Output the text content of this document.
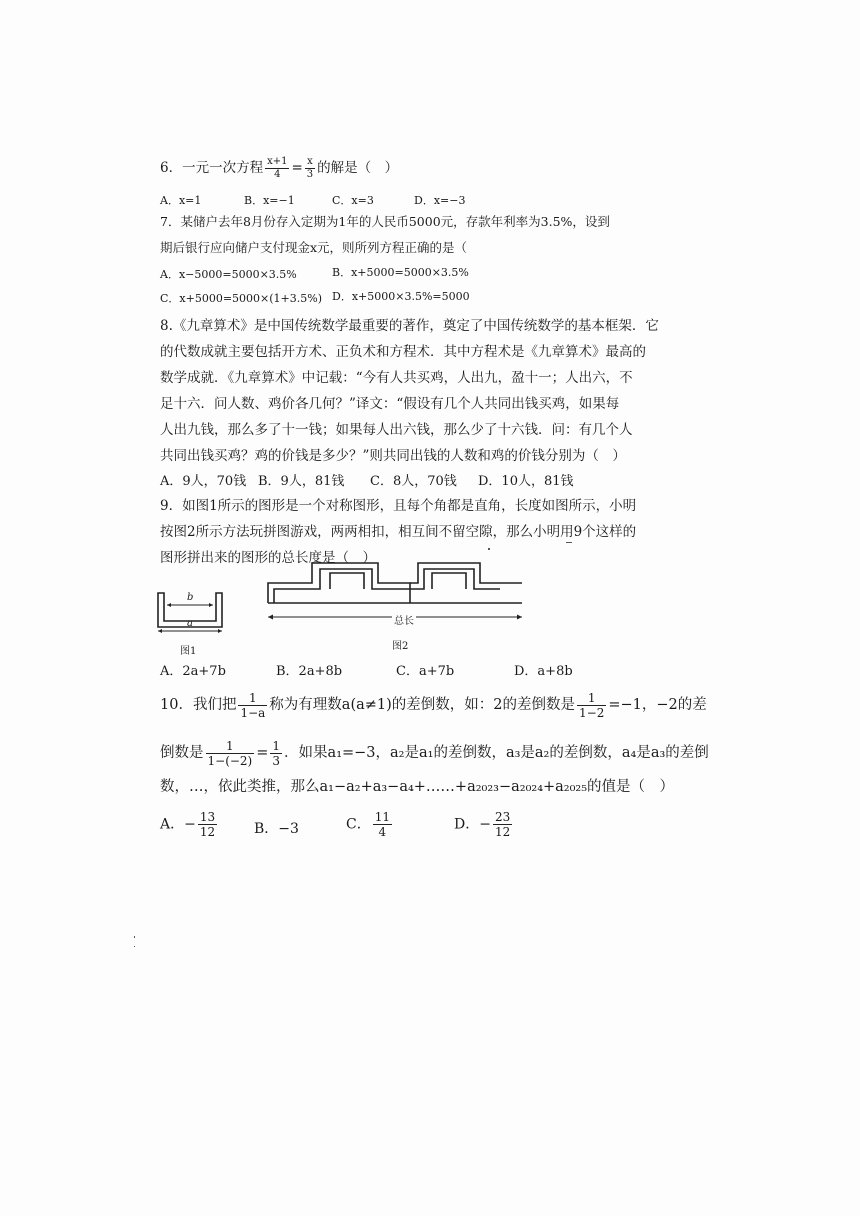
6．一元一次方程 $\frac{x+1}{4} = \frac{x}{3}$ 的解是（　）
A．x=1	B．x=−1	C．x=3	D．x=−3
7．某储户去年8月份存入定期为1年的人民币5000元，存款年利率为3.5%，设到
期后银行应向储户支付现金x元，则所列方程正确的是（
A．x−5000=5000×3.5%	B．x+5000=5000×3.5%
C．x+5000=5000×(1+3.5%) D．x+5000×3.5%=5000
8.《九章算术》是中国传统数学最重要的著作，奠定了中国传统数学的基本框架．它
的代数成就主要包括开方术、正负术和方程术．其中方程术是《九章算术》最高的
数学成就．《九章算术》中记载：“今有人共买鸡，人出九，盈十一；人出六，不
足十六．问人数、鸡价各几何？”译文：“假设有几个人共同出钱买鸡，如果每
人出九钱，那么多了十一钱；如果每人出六钱，那么少了十六钱．问：有几个人
共同出钱买鸡？鸡的价钱是多少？”则共同出钱的人数和鸡的价钱分别为（　）
A．9人，70钱 B．9人，81钱 C．8人，70钱 D．10人，81钱
9．如图1所示的图形是一个对称图形，且每个角都是直角，长度如图所示，小明
按图2所示方法玩拼图游戏，两两相扣，相互间不留空隙，那么小明用9个这样的
图形拼出来的图形的总长度是（　）
b
a
图1
总长
图2
A．2a+7b	B．2a+8b	C．a+7b	D．a+8b
10．我们把 $\frac{1}{1-a}$ 称为有理数a(a≠1)的差倒数，如：2的差倒数是 $\frac{1}{1-2} =-1$，−2的差
倒数是 $\frac{1}{1-(-2)} = \frac{1}{3}$ ．如果a₁=−3，a₂是a₁的差倒数，a₃是a₂的差倒数，a₄是a₃的差倒
数，…，依此类推，那么a₁−a₂+a₃−a₄+……+a₂₀₂₃−a₂₀₂₄+a₂₀₂₅的值是（　）
A．− $\frac{13}{12}$	B．−3	C． $\frac{11}{4}$	D．− $\frac{23}{12}$
